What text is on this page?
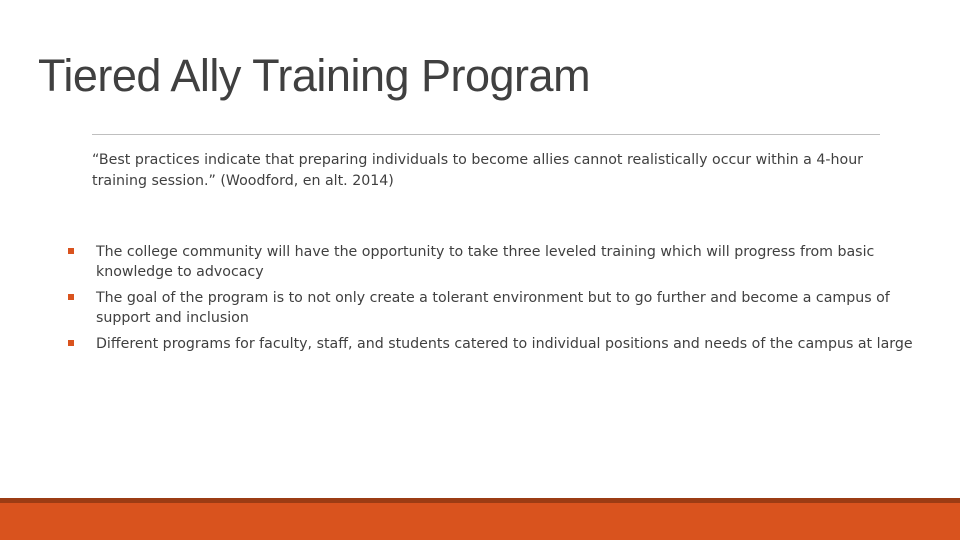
Tiered Ally Training Program
“Best practices indicate that preparing individuals to become allies cannot realistically occur within a 4-hour training session.” (Woodford, en alt. 2014)
The college community will have the opportunity to take three leveled training which will progress from basic knowledge to advocacy
The goal of the program is to not only create a tolerant environment but to go further and become a campus of support and inclusion
Different programs for faculty, staff, and students catered to individual positions and needs of the campus at large
